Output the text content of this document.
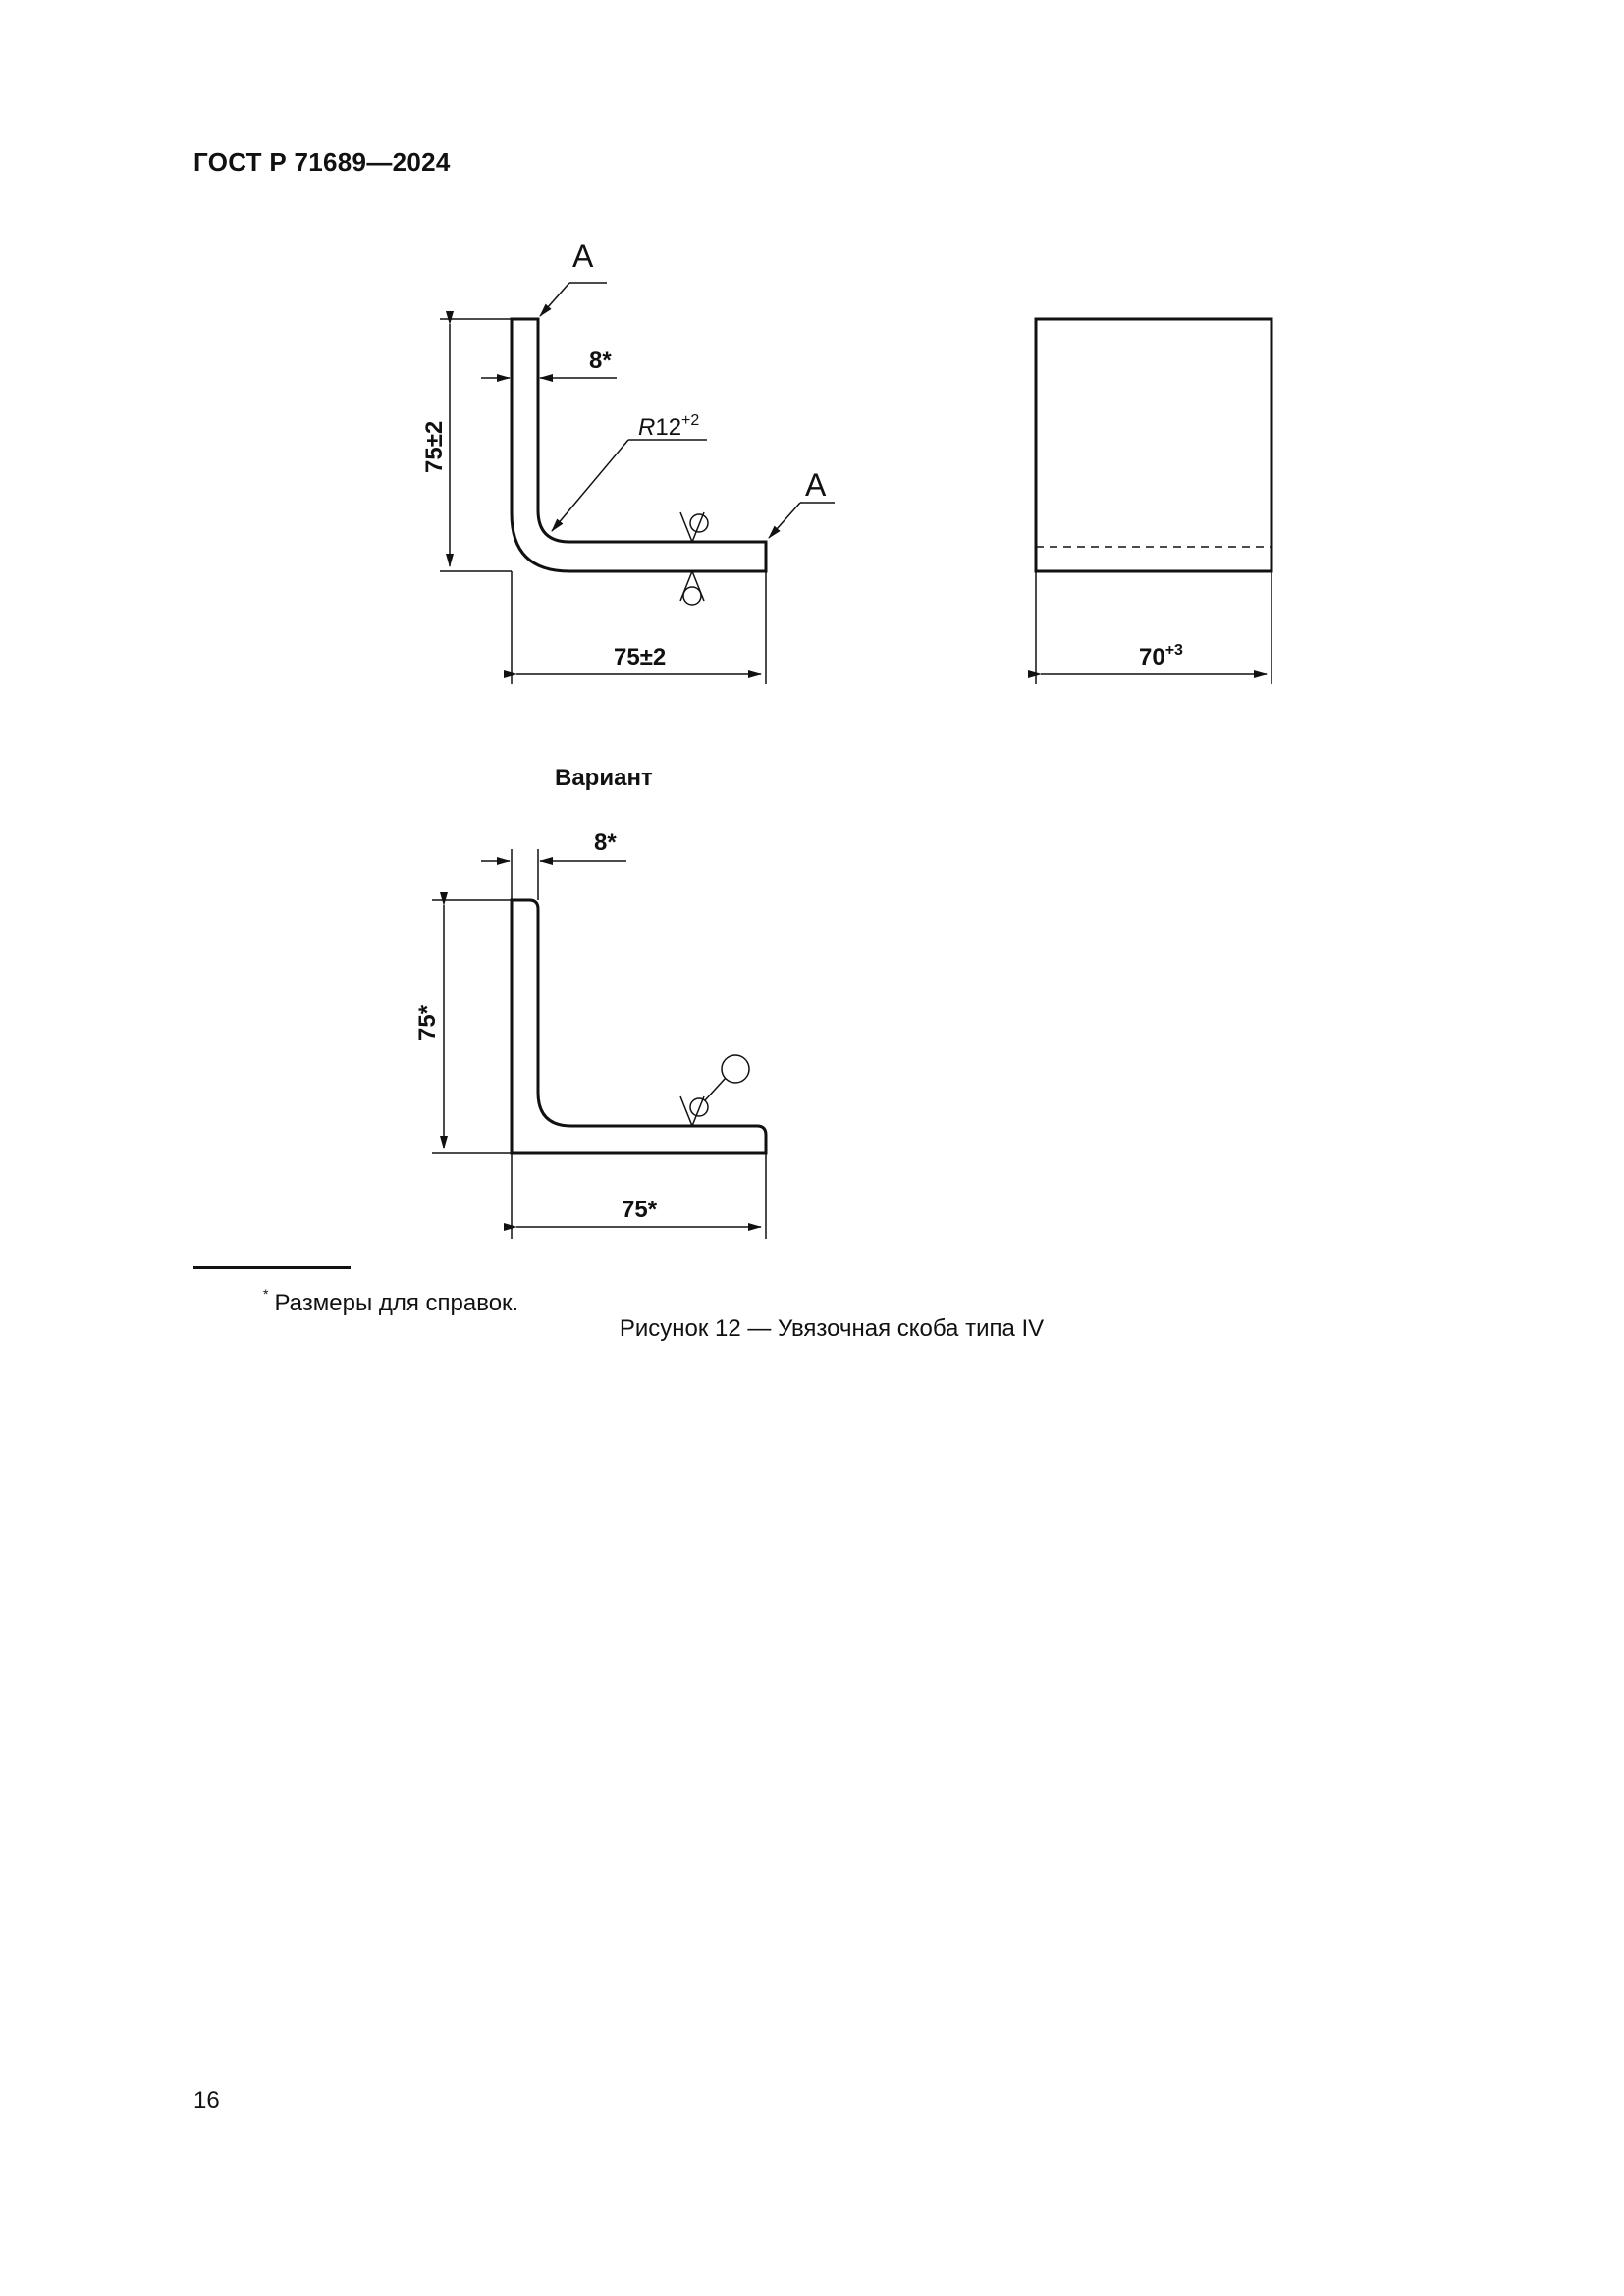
ГОСТ Р 71689—2024
А
А
8*
$R12^{+2}$
75±2
75±2	$70^{+3}$
Вариант
8*
75*
75*
* Размеры для справок.
Рисунок 12 — Увязочная скоба типа IV
16
